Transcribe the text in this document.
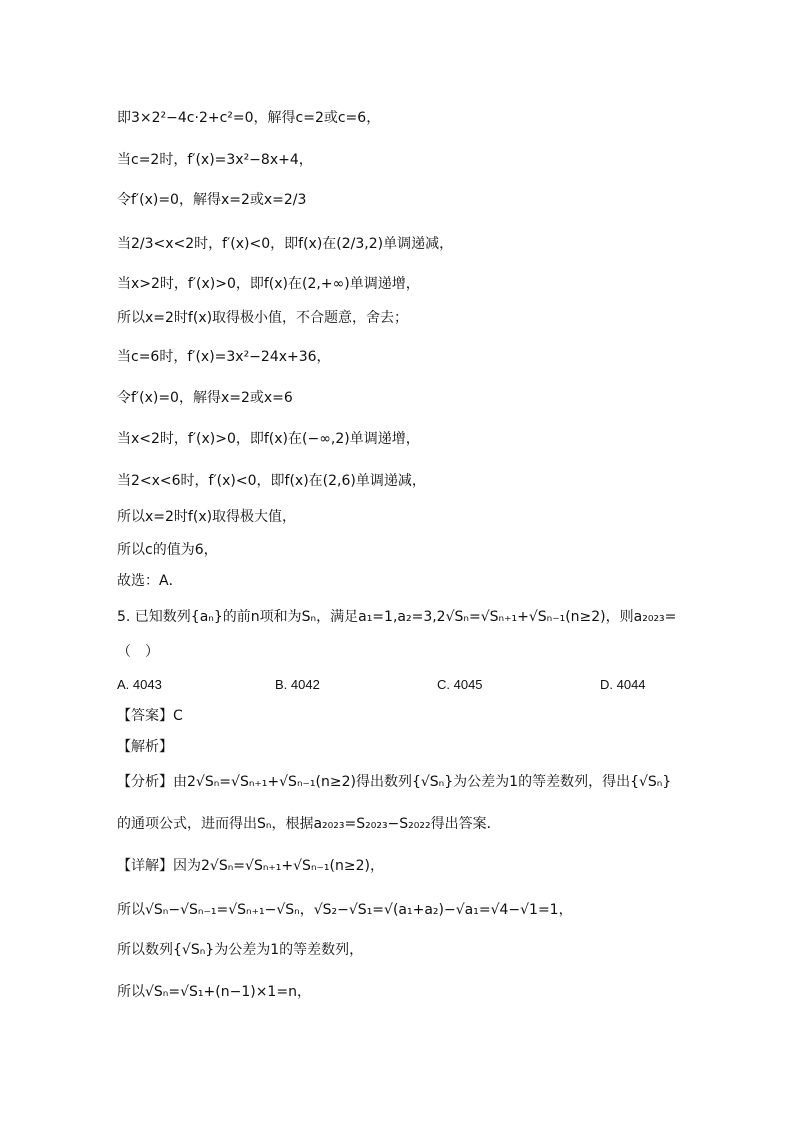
即3×2²−4c·2+c²=0，解得c=2或c=6，
当c=2时，f′(x)=3x²−8x+4，
令f′(x)=0，解得x=2或x=2/3
当2/3<x<2时，f′(x)<0，即f(x)在(2/3,2)单调递减，
当x>2时，f′(x)>0，即f(x)在(2,+∞)单调递增，
所以x=2时f(x)取得极小值，不合题意，舍去；
当c=6时，f′(x)=3x²−24x+36，
令f′(x)=0，解得x=2或x=6
当x<2时，f′(x)>0，即f(x)在(−∞,2)单调递增，
当2<x<6时，f′(x)<0，即f(x)在(2,6)单调递减，
所以x=2时f(x)取得极大值，
所以c的值为6，
故选：A．
5. 已知数列{aₙ}的前n项和为Sₙ，满足a₁=1,a₂=3,2√Sₙ=√Sₙ₊₁+√Sₙ₋₁(n≥2)，则a₂₀₂₃=
（　）
A. 4043	B. 4042	C. 4045	D. 4044
【答案】C
【解析】
【分析】由2√Sₙ=√Sₙ₊₁+√Sₙ₋₁(n≥2)得出数列{√Sₙ}为公差为1的等差数列，得出{√Sₙ}
的通项公式，进而得出Sₙ，根据a₂₀₂₃=S₂₀₂₃−S₂₀₂₂得出答案．
【详解】因为2√Sₙ=√Sₙ₊₁+√Sₙ₋₁(n≥2)，
所以√Sₙ−√Sₙ₋₁=√Sₙ₊₁−√Sₙ，√S₂−√S₁=√(a₁+a₂)−√a₁=√4−√1=1，
所以数列{√Sₙ}为公差为1的等差数列，
所以√Sₙ=√S₁+(n−1)×1=n，
